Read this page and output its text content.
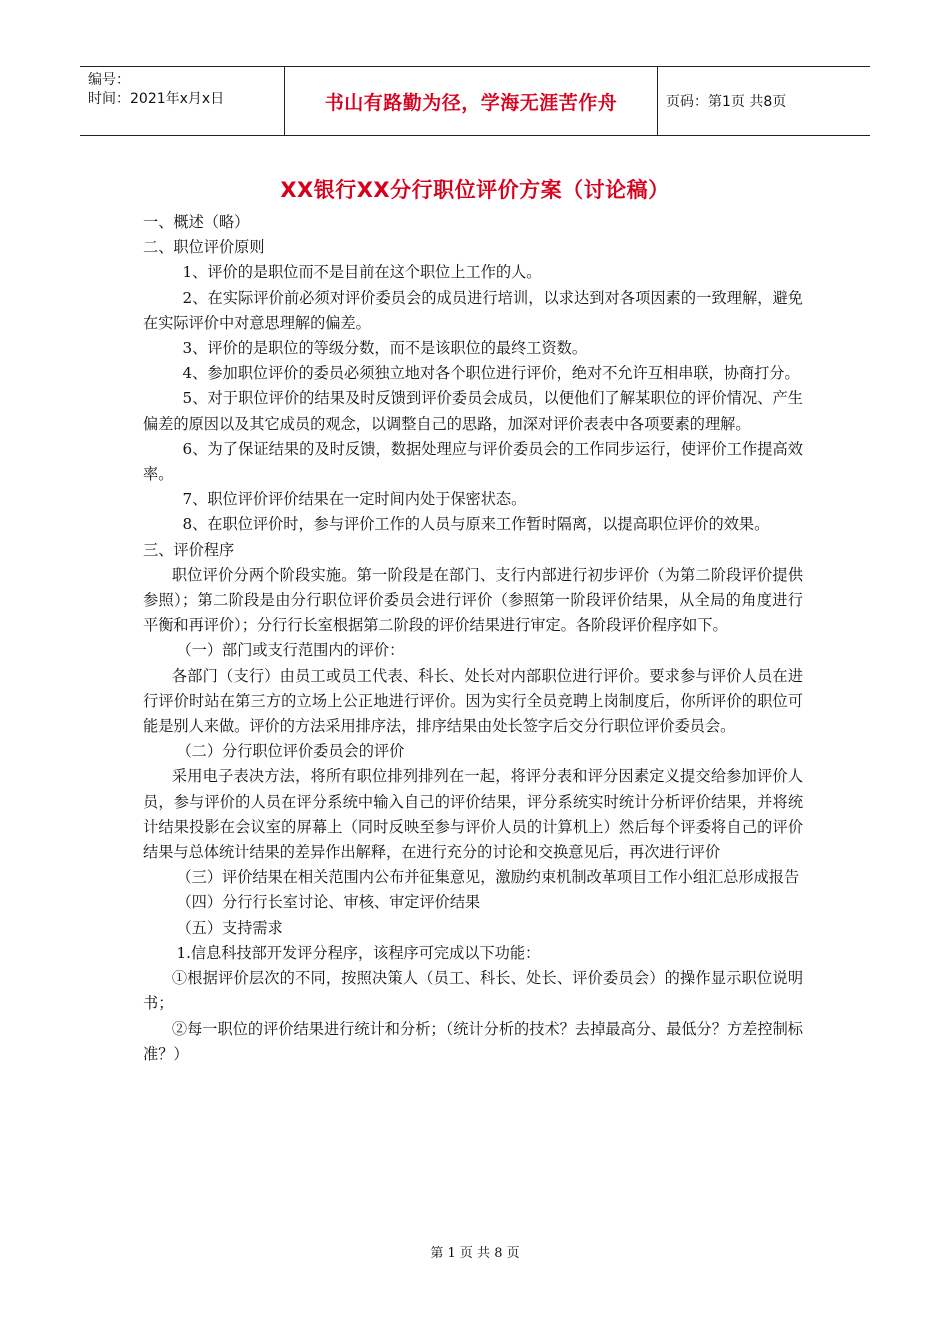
编号：
时间：2021年x月x日	书山有路勤为径，学海无涯苦作舟	页码：第1页 共8页
XX银行XX分行职位评价方案（讨论稿）

一、概述（略）

二、职位评价原则

1、评价的是职位而不是目前在这个职位上工作的人。

2、在实际评价前必须对评价委员会的成员进行培训，以求达到对各项因素的一致理解，避免在实际评价中对意思理解的偏差。

3、评价的是职位的等级分数，而不是该职位的最终工资数。

4、参加职位评价的委员必须独立地对各个职位进行评价，绝对不允许互相串联，协商打分。

5、对于职位评价的结果及时反馈到评价委员会成员，以便他们了解某职位的评价情况、产生偏差的原因以及其它成员的观念，以调整自己的思路，加深对评价表表中各项要素的理解。

6、为了保证结果的及时反馈，数据处理应与评价委员会的工作同步运行，使评价工作提高效率。

7、职位评价评价结果在一定时间内处于保密状态。

8、在职位评价时，参与评价工作的人员与原来工作暂时隔离，以提高职位评价的效果。

三、评价程序

职位评价分两个阶段实施。第一阶段是在部门、支行内部进行初步评价（为第二阶段评价提供参照）；第二阶段是由分行职位评价委员会进行评价（参照第一阶段评价结果，从全局的角度进行平衡和再评价）；分行行长室根据第二阶段的评价结果进行审定。各阶段评价程序如下。

（一）部门或支行范围内的评价：

各部门（支行）由员工或员工代表、科长、处长对内部职位进行评价。要求参与评价人员在进行评价时站在第三方的立场上公正地进行评价。因为实行全员竞聘上岗制度后，你所评价的职位可能是别人来做。评价的方法采用排序法，排序结果由处长签字后交分行职位评价委员会。

（二）分行职位评价委员会的评价

采用电子表决方法，将所有职位排列排列在一起，将评分表和评分因素定义提交给参加评价人员，参与评价的人员在评分系统中输入自己的评价结果，评分系统实时统计分析评价结果，并将统计结果投影在会议室的屏幕上（同时反映至参与评价人员的计算机上）然后每个评委将自己的评价结果与总体统计结果的差异作出解释，在进行充分的讨论和交换意见后，再次进行评价

（三）评价结果在相关范围内公布并征集意见，激励约束机制改革项目工作小组汇总形成报告

（四）分行行长室讨论、审核、审定评价结果

（五）支持需求

1.信息科技部开发评分程序，该程序可完成以下功能：

①根据评价层次的不同，按照决策人（员工、科长、处长、评价委员会）的操作显示职位说明书；

②每一职位的评价结果进行统计和分析；（统计分析的技术？去掉最高分、最低分？方差控制标准？）

第 1 页 共 8 页
